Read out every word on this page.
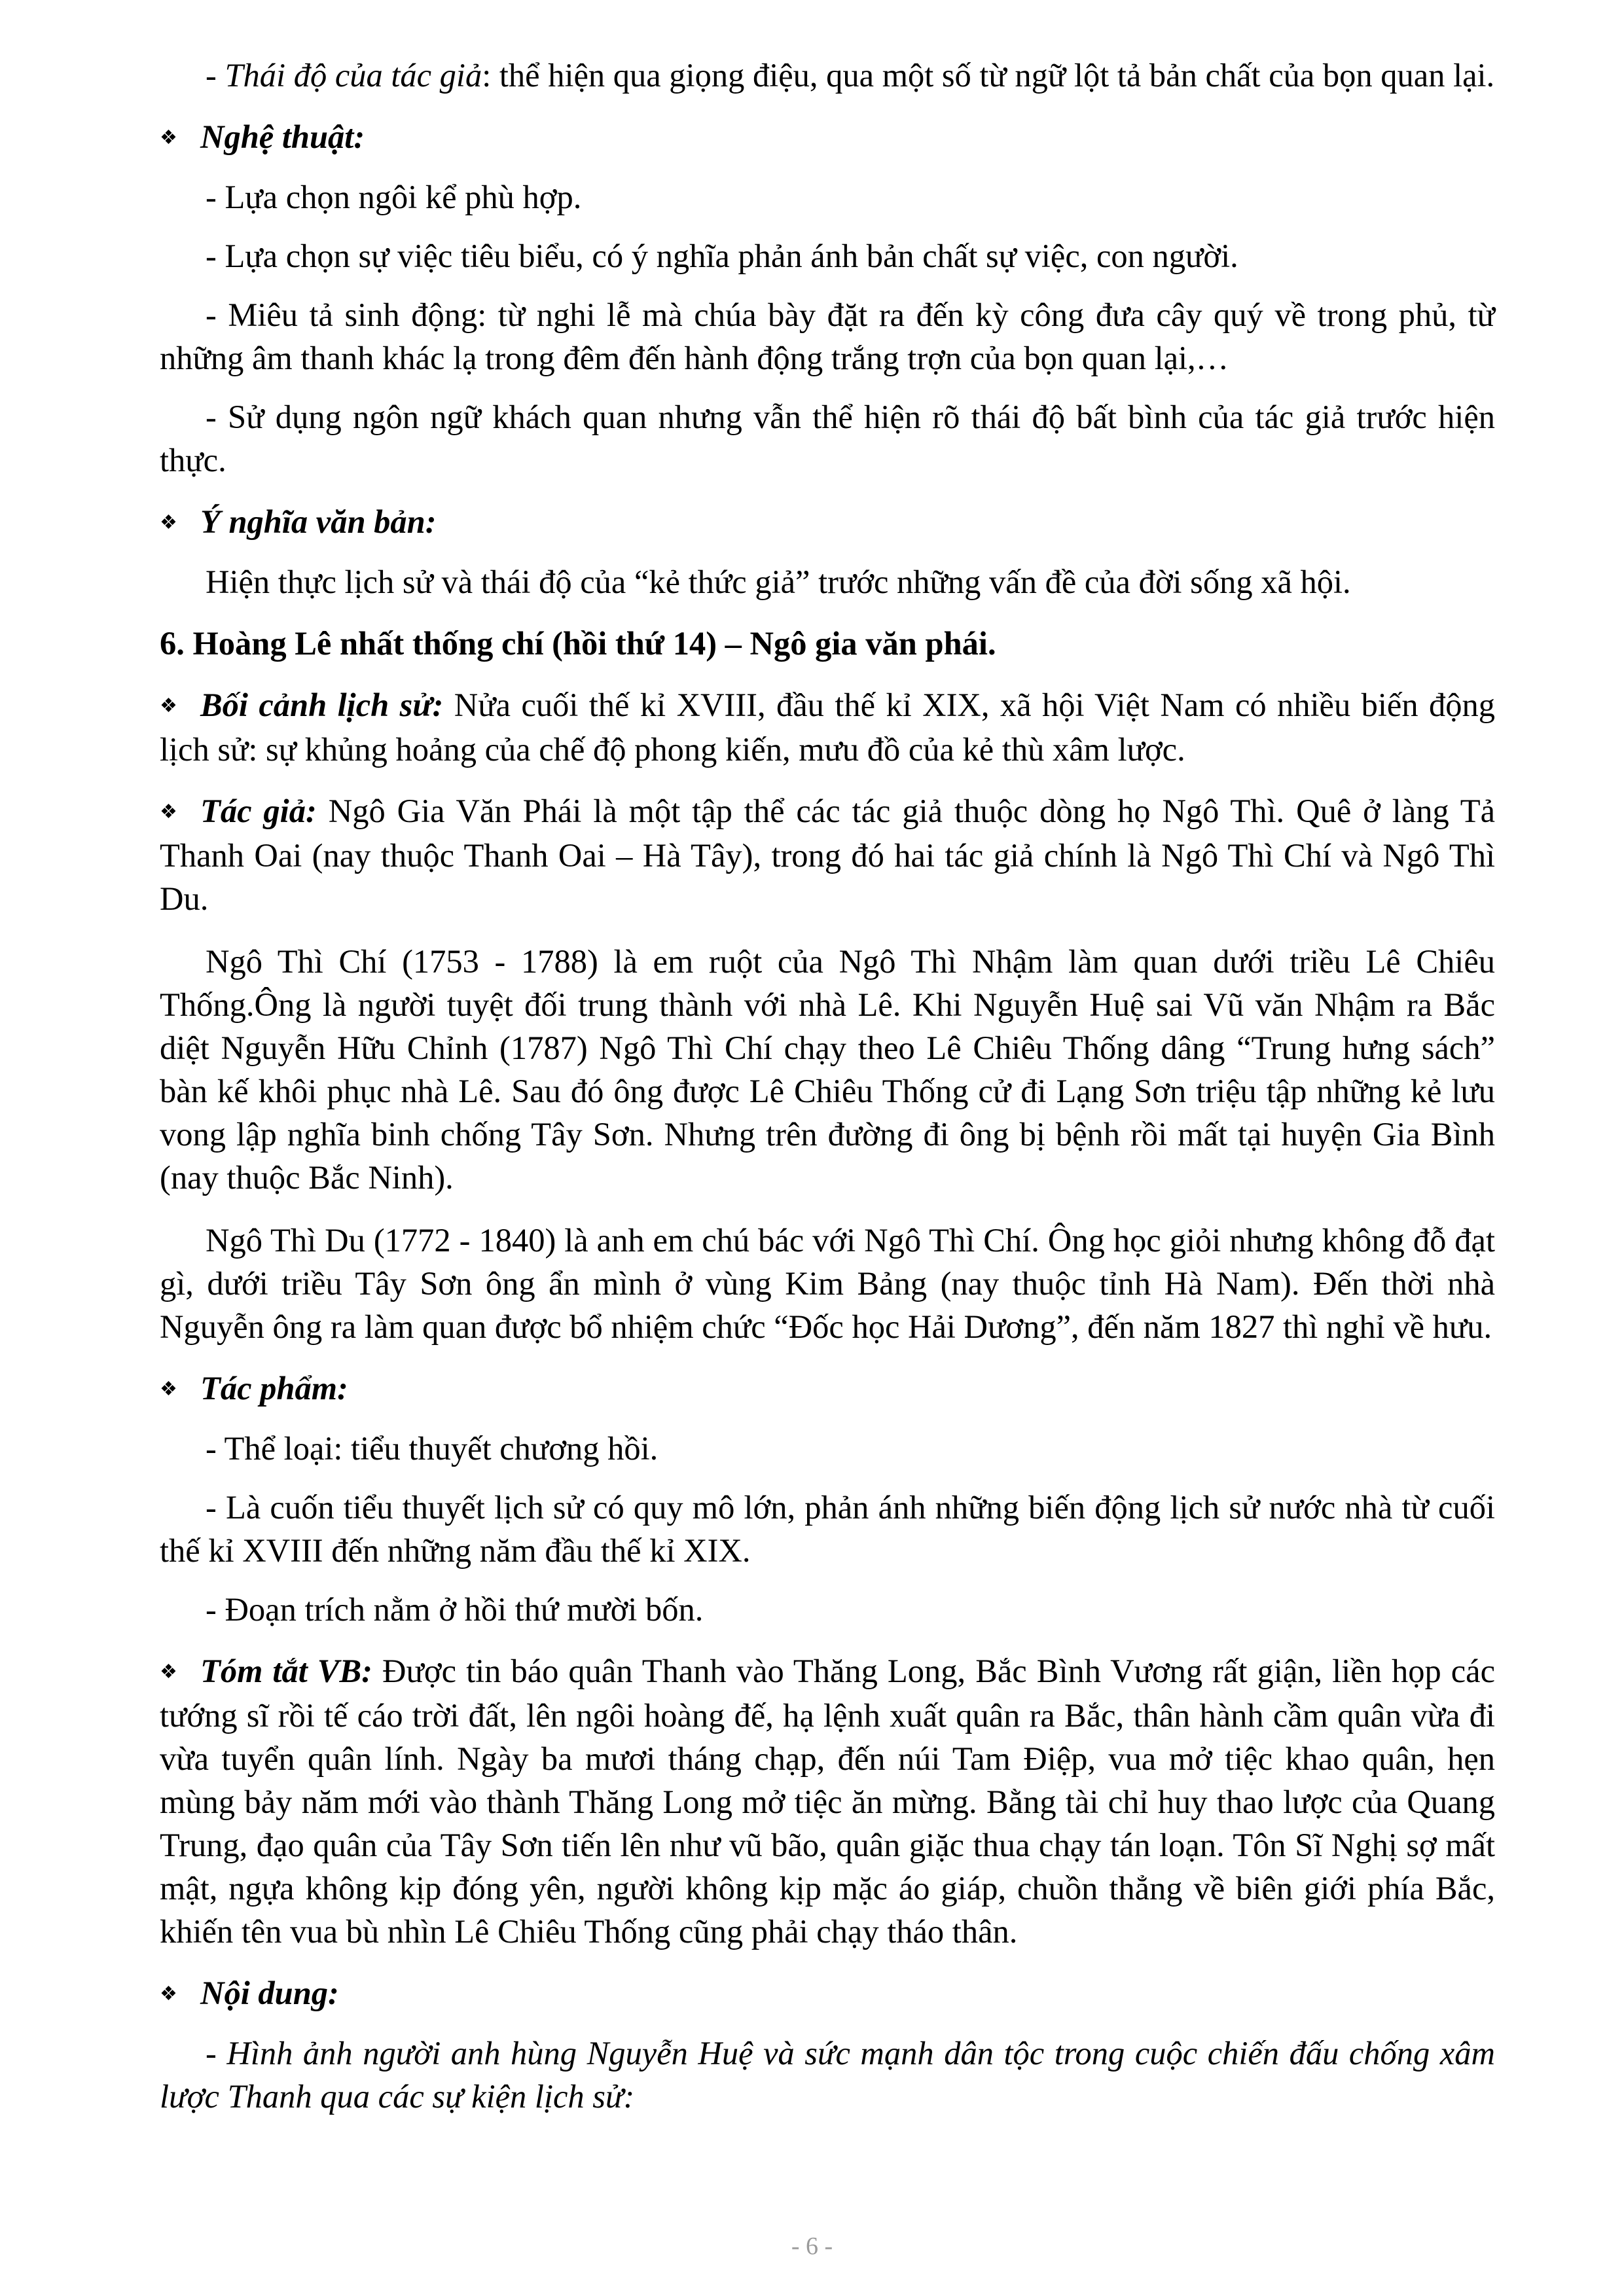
- Thái độ của tác giả: thể hiện qua giọng điệu, qua một số từ ngữ lột tả bản chất của bọn quan lại.

❖ Nghệ thuật:

- Lựa chọn ngôi kể phù hợp.

- Lựa chọn sự việc tiêu biểu, có ý nghĩa phản ánh bản chất sự việc, con người.

- Miêu tả sinh động: từ nghi lễ mà chúa bày đặt ra đến kỳ công đưa cây quý về trong phủ, từ những âm thanh khác lạ trong đêm đến hành động trắng trợn của bọn quan lại,…

- Sử dụng ngôn ngữ khách quan nhưng vẫn thể hiện rõ thái độ bất bình của tác giả trước hiện thực.

❖ Ý nghĩa văn bản:

Hiện thực lịch sử và thái độ của “kẻ thức giả” trước những vấn đề của đời sống xã hội.

6. Hoàng Lê nhất thống chí (hồi thứ 14) – Ngô gia văn phái.

❖ Bối cảnh lịch sử: Nửa cuối thế kỉ XVIII, đầu thế kỉ XIX, xã hội Việt Nam có nhiều biến động lịch sử: sự khủng hoảng của chế độ phong kiến, mưu đồ của kẻ thù xâm lược.

❖ Tác giả: Ngô Gia Văn Phái là một tập thể các tác giả thuộc dòng họ Ngô Thì. Quê ở làng Tả Thanh Oai (nay thuộc Thanh Oai – Hà Tây), trong đó hai tác giả chính là Ngô Thì Chí và Ngô Thì Du.

Ngô Thì Chí (1753 - 1788) là em ruột của Ngô Thì Nhậm làm quan dưới triều Lê Chiêu Thống.Ông là người tuyệt đối trung thành với nhà Lê. Khi Nguyễn Huệ sai Vũ văn Nhậm ra Bắc diệt Nguyễn Hữu Chỉnh (1787) Ngô Thì Chí chạy theo Lê Chiêu Thống dâng “Trung hưng sách” bàn kế khôi phục nhà Lê. Sau đó ông được Lê Chiêu Thống cử đi Lạng Sơn triệu tập những kẻ lưu vong lập nghĩa binh chống Tây Sơn. Nhưng trên đường đi ông bị bệnh rồi mất tại huyện Gia Bình (nay thuộc Bắc Ninh).

Ngô Thì Du (1772 - 1840) là anh em chú bác với Ngô Thì Chí. Ông học giỏi nhưng không đỗ đạt gì, dưới triều Tây Sơn ông ẩn mình ở vùng Kim Bảng (nay thuộc tỉnh Hà Nam). Đến thời nhà Nguyễn ông ra làm quan được bổ nhiệm chức “Đốc học Hải Dương”, đến năm 1827 thì nghỉ về hưu.

❖ Tác phẩm:

- Thể loại: tiểu thuyết chương hồi.

- Là cuốn tiểu thuyết lịch sử có quy mô lớn, phản ánh những biến động lịch sử nước nhà từ cuối thế kỉ XVIII đến những năm đầu thế kỉ XIX.

- Đoạn trích nằm ở hồi thứ mười bốn.

❖ Tóm tắt VB: Được tin báo quân Thanh vào Thăng Long, Bắc Bình Vương rất giận, liền họp các tướng sĩ rồi tế cáo trời đất, lên ngôi hoàng đế, hạ lệnh xuất quân ra Bắc, thân hành cầm quân vừa đi vừa tuyển quân lính. Ngày ba mươi tháng chạp, đến núi Tam Điệp, vua mở tiệc khao quân, hẹn mùng bảy năm mới vào thành Thăng Long mở tiệc ăn mừng. Bằng tài chỉ huy thao lược của Quang Trung, đạo quân của Tây Sơn tiến lên như vũ bão, quân giặc thua chạy tán loạn. Tôn Sĩ Nghị sợ mất mật, ngựa không kịp đóng yên, người không kịp mặc áo giáp, chuồn thẳng về biên giới phía Bắc, khiến tên vua bù nhìn Lê Chiêu Thống cũng phải chạy tháo thân.

❖ Nội dung:

- Hình ảnh người anh hùng Nguyễn Huệ và sức mạnh dân tộc trong cuộc chiến đấu chống xâm lược Thanh qua các sự kiện lịch sử:

- 6 -
